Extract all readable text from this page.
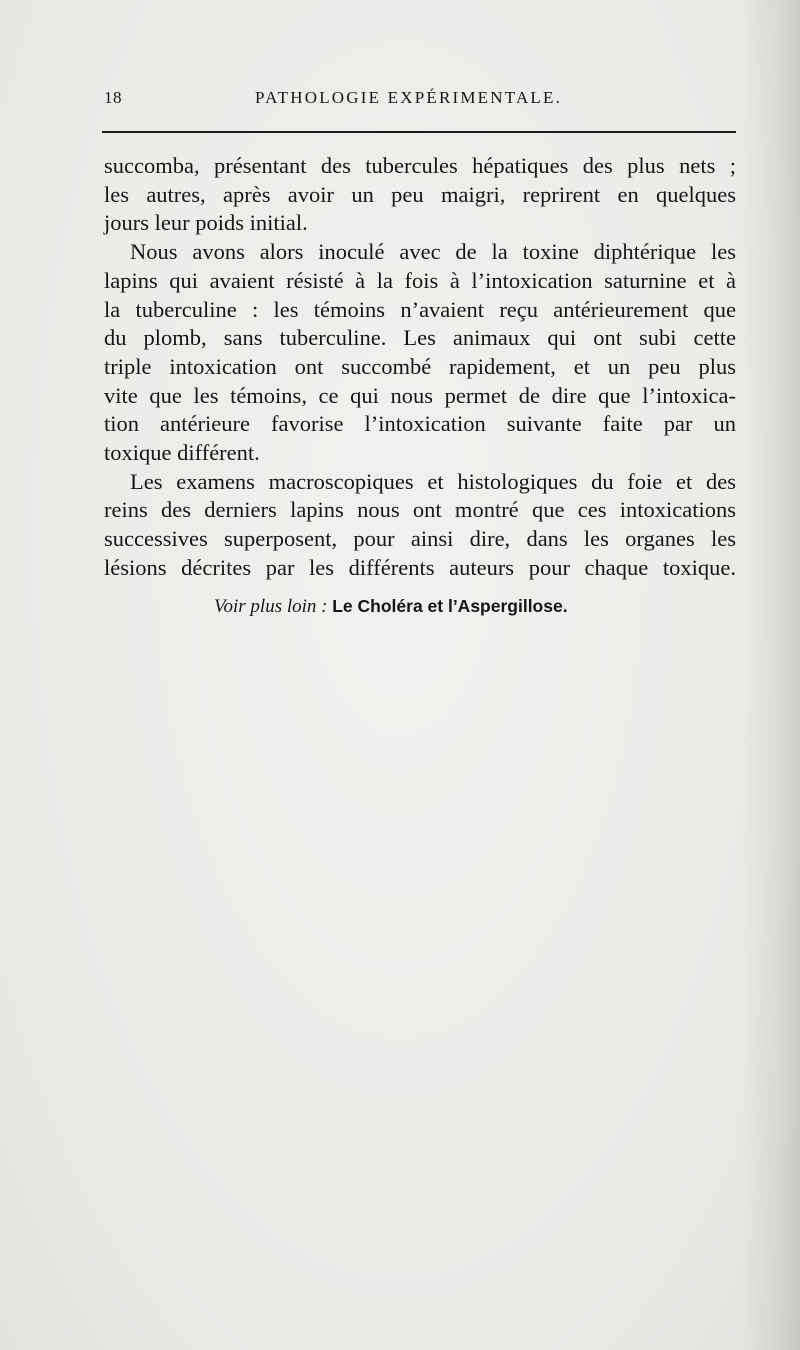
18	PATHOLOGIE EXPÉRIMENTALE.

succomba, présentant des tubercules hépatiques des plus nets ;
les autres, après avoir un peu maigri, reprirent en quelques
jours leur poids initial.

Nous avons alors inoculé avec de la toxine diphtérique les
lapins qui avaient résisté à la fois à l’intoxication saturnine et à
la tuberculine : les témoins n’avaient reçu antérieurement que
du plomb, sans tuberculine. Les animaux qui ont subi cette
triple intoxication ont succombé rapidement, et un peu plus
vite que les témoins, ce qui nous permet de dire que l’intoxica-
tion antérieure favorise l’intoxication suivante faite par un
toxique différent.

Les examens macroscopiques et histologiques du foie et des
reins des derniers lapins nous ont montré que ces intoxications
successives superposent, pour ainsi dire, dans les organes les
lésions décrites par les différents auteurs pour chaque toxique.

Voir plus loin : Le Choléra et l’Aspergillose.
